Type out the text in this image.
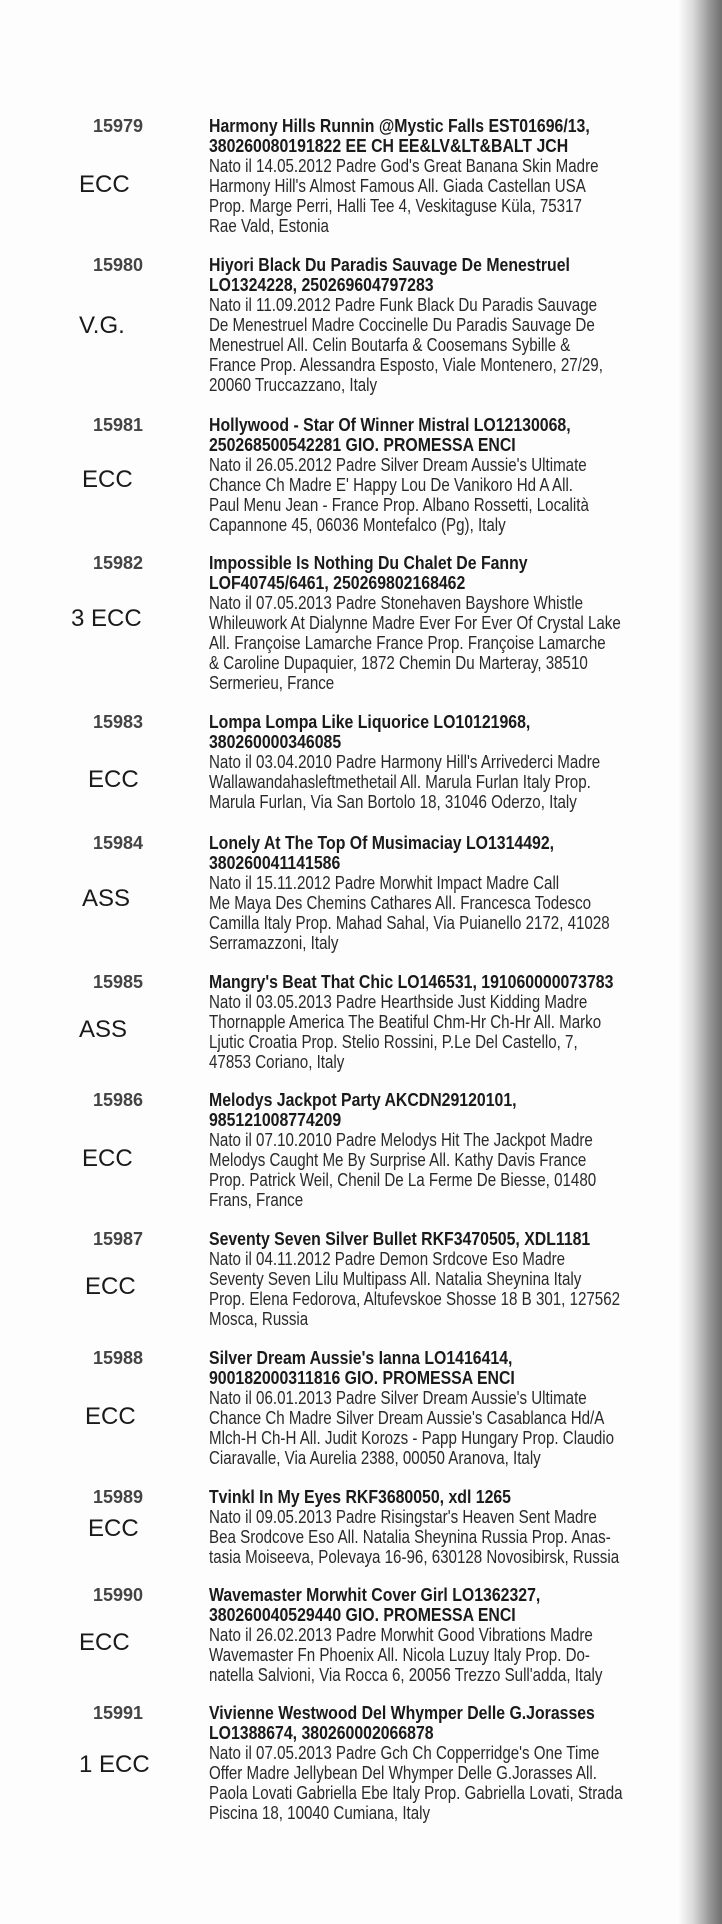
15979
ECC
Harmony Hills Runnin @Mystic Falls EST01696/13,
380260080191822 EE CH EE&LV&LT&BALT JCH
Nato il 14.05.2012 Padre God's Great Banana Skin Madre
Harmony Hill's Almost Famous All. Giada Castellan USA
Prop. Marge Perri, Halli Tee 4, Veskitaguse Küla, 75317
Rae Vald, Estonia
15980
V.G.
Hiyori Black Du Paradis Sauvage De Menestruel
LO1324228, 250269604797283
Nato il 11.09.2012 Padre Funk Black Du Paradis Sauvage
De Menestruel Madre Coccinelle Du Paradis Sauvage De
Menestruel All. Celin Boutarfa & Coosemans Sybille &
France Prop. Alessandra Esposto, Viale Montenero, 27/29,
20060 Truccazzano, Italy
15981
ECC
Hollywood - Star Of Winner Mistral LO12130068,
250268500542281 GIO. PROMESSA ENCI
Nato il 26.05.2012 Padre Silver Dream Aussie's Ultimate
Chance Ch Madre E' Happy Lou De Vanikoro Hd A All.
Paul Menu Jean - France Prop. Albano Rossetti, Località
Capannone 45, 06036 Montefalco (Pg), Italy
15982
3 ECC
Impossible Is Nothing Du Chalet De Fanny
LOF40745/6461, 250269802168462
Nato il 07.05.2013 Padre Stonehaven Bayshore Whistle
Whileuwork At Dialynne Madre Ever For Ever Of Crystal Lake
All. Françoise Lamarche France Prop. Françoise Lamarche
& Caroline Dupaquier, 1872 Chemin Du Marteray, 38510
Sermerieu, France
15983
ECC
Lompa Lompa Like Liquorice LO10121968,
380260000346085
Nato il 03.04.2010 Padre Harmony Hill's Arrivederci Madre
Wallawandahasleftmethetail All. Marula Furlan Italy Prop.
Marula Furlan, Via San Bortolo 18, 31046 Oderzo, Italy
15984
ASS
Lonely At The Top Of Musimaciay LO1314492,
380260041141586
Nato il 15.11.2012 Padre Morwhit Impact Madre Call
Me Maya Des Chemins Cathares All. Francesca Todesco
Camilla Italy Prop. Mahad Sahal, Via Puianello 2172, 41028
Serramazzoni, Italy
15985
ASS
Mangry's Beat That Chic LO146531, 191060000073783
Nato il 03.05.2013 Padre Hearthside Just Kidding Madre
Thornapple America The Beatiful Chm-Hr Ch-Hr All. Marko
Ljutic Croatia Prop. Stelio Rossini, P.Le Del Castello, 7,
47853 Coriano, Italy
15986
ECC
Melodys Jackpot Party AKCDN29120101,
985121008774209
Nato il 07.10.2010 Padre Melodys Hit The Jackpot Madre
Melodys Caught Me By Surprise All. Kathy Davis France
Prop. Patrick Weil, Chenil De La Ferme De Biesse, 01480
Frans, France
15987
ECC
Seventy Seven Silver Bullet RKF3470505, XDL1181
Nato il 04.11.2012 Padre Demon Srdcove Eso Madre
Seventy Seven Lilu Multipass All. Natalia Sheynina Italy
Prop. Elena Fedorova, Altufevskoe Shosse 18 B 301, 127562
Mosca, Russia
15988
ECC
Silver Dream Aussie's Ianna LO1416414,
900182000311816 GIO. PROMESSA ENCI
Nato il 06.01.2013 Padre Silver Dream Aussie's Ultimate
Chance Ch Madre Silver Dream Aussie's Casablanca Hd/A
Mlch-H Ch-H All. Judit Korozs - Papp Hungary Prop. Claudio
Ciaravalle, Via Aurelia 2388, 00050 Aranova, Italy
15989
ECC
Tvinkl In My Eyes RKF3680050, xdl 1265
Nato il 09.05.2013 Padre Risingstar's Heaven Sent Madre
Bea Srodcove Eso All. Natalia Sheynina Russia Prop. Anas-
tasia Moiseeva, Polevaya 16-96, 630128 Novosibirsk, Russia
15990
ECC
Wavemaster Morwhit Cover Girl LO1362327,
380260040529440 GIO. PROMESSA ENCI
Nato il 26.02.2013 Padre Morwhit Good Vibrations Madre
Wavemaster Fn Phoenix All. Nicola Luzuy Italy Prop. Do-
natella Salvioni, Via Rocca 6, 20056 Trezzo Sull'adda, Italy
15991
1 ECC
Vivienne Westwood Del Whymper Delle G.Jorasses
LO1388674, 380260002066878
Nato il 07.05.2013 Padre Gch Ch Copperridge's One Time
Offer Madre Jellybean Del Whymper Delle G.Jorasses All.
Paola Lovati Gabriella Ebe Italy Prop. Gabriella Lovati, Strada
Piscina 18, 10040 Cumiana, Italy
